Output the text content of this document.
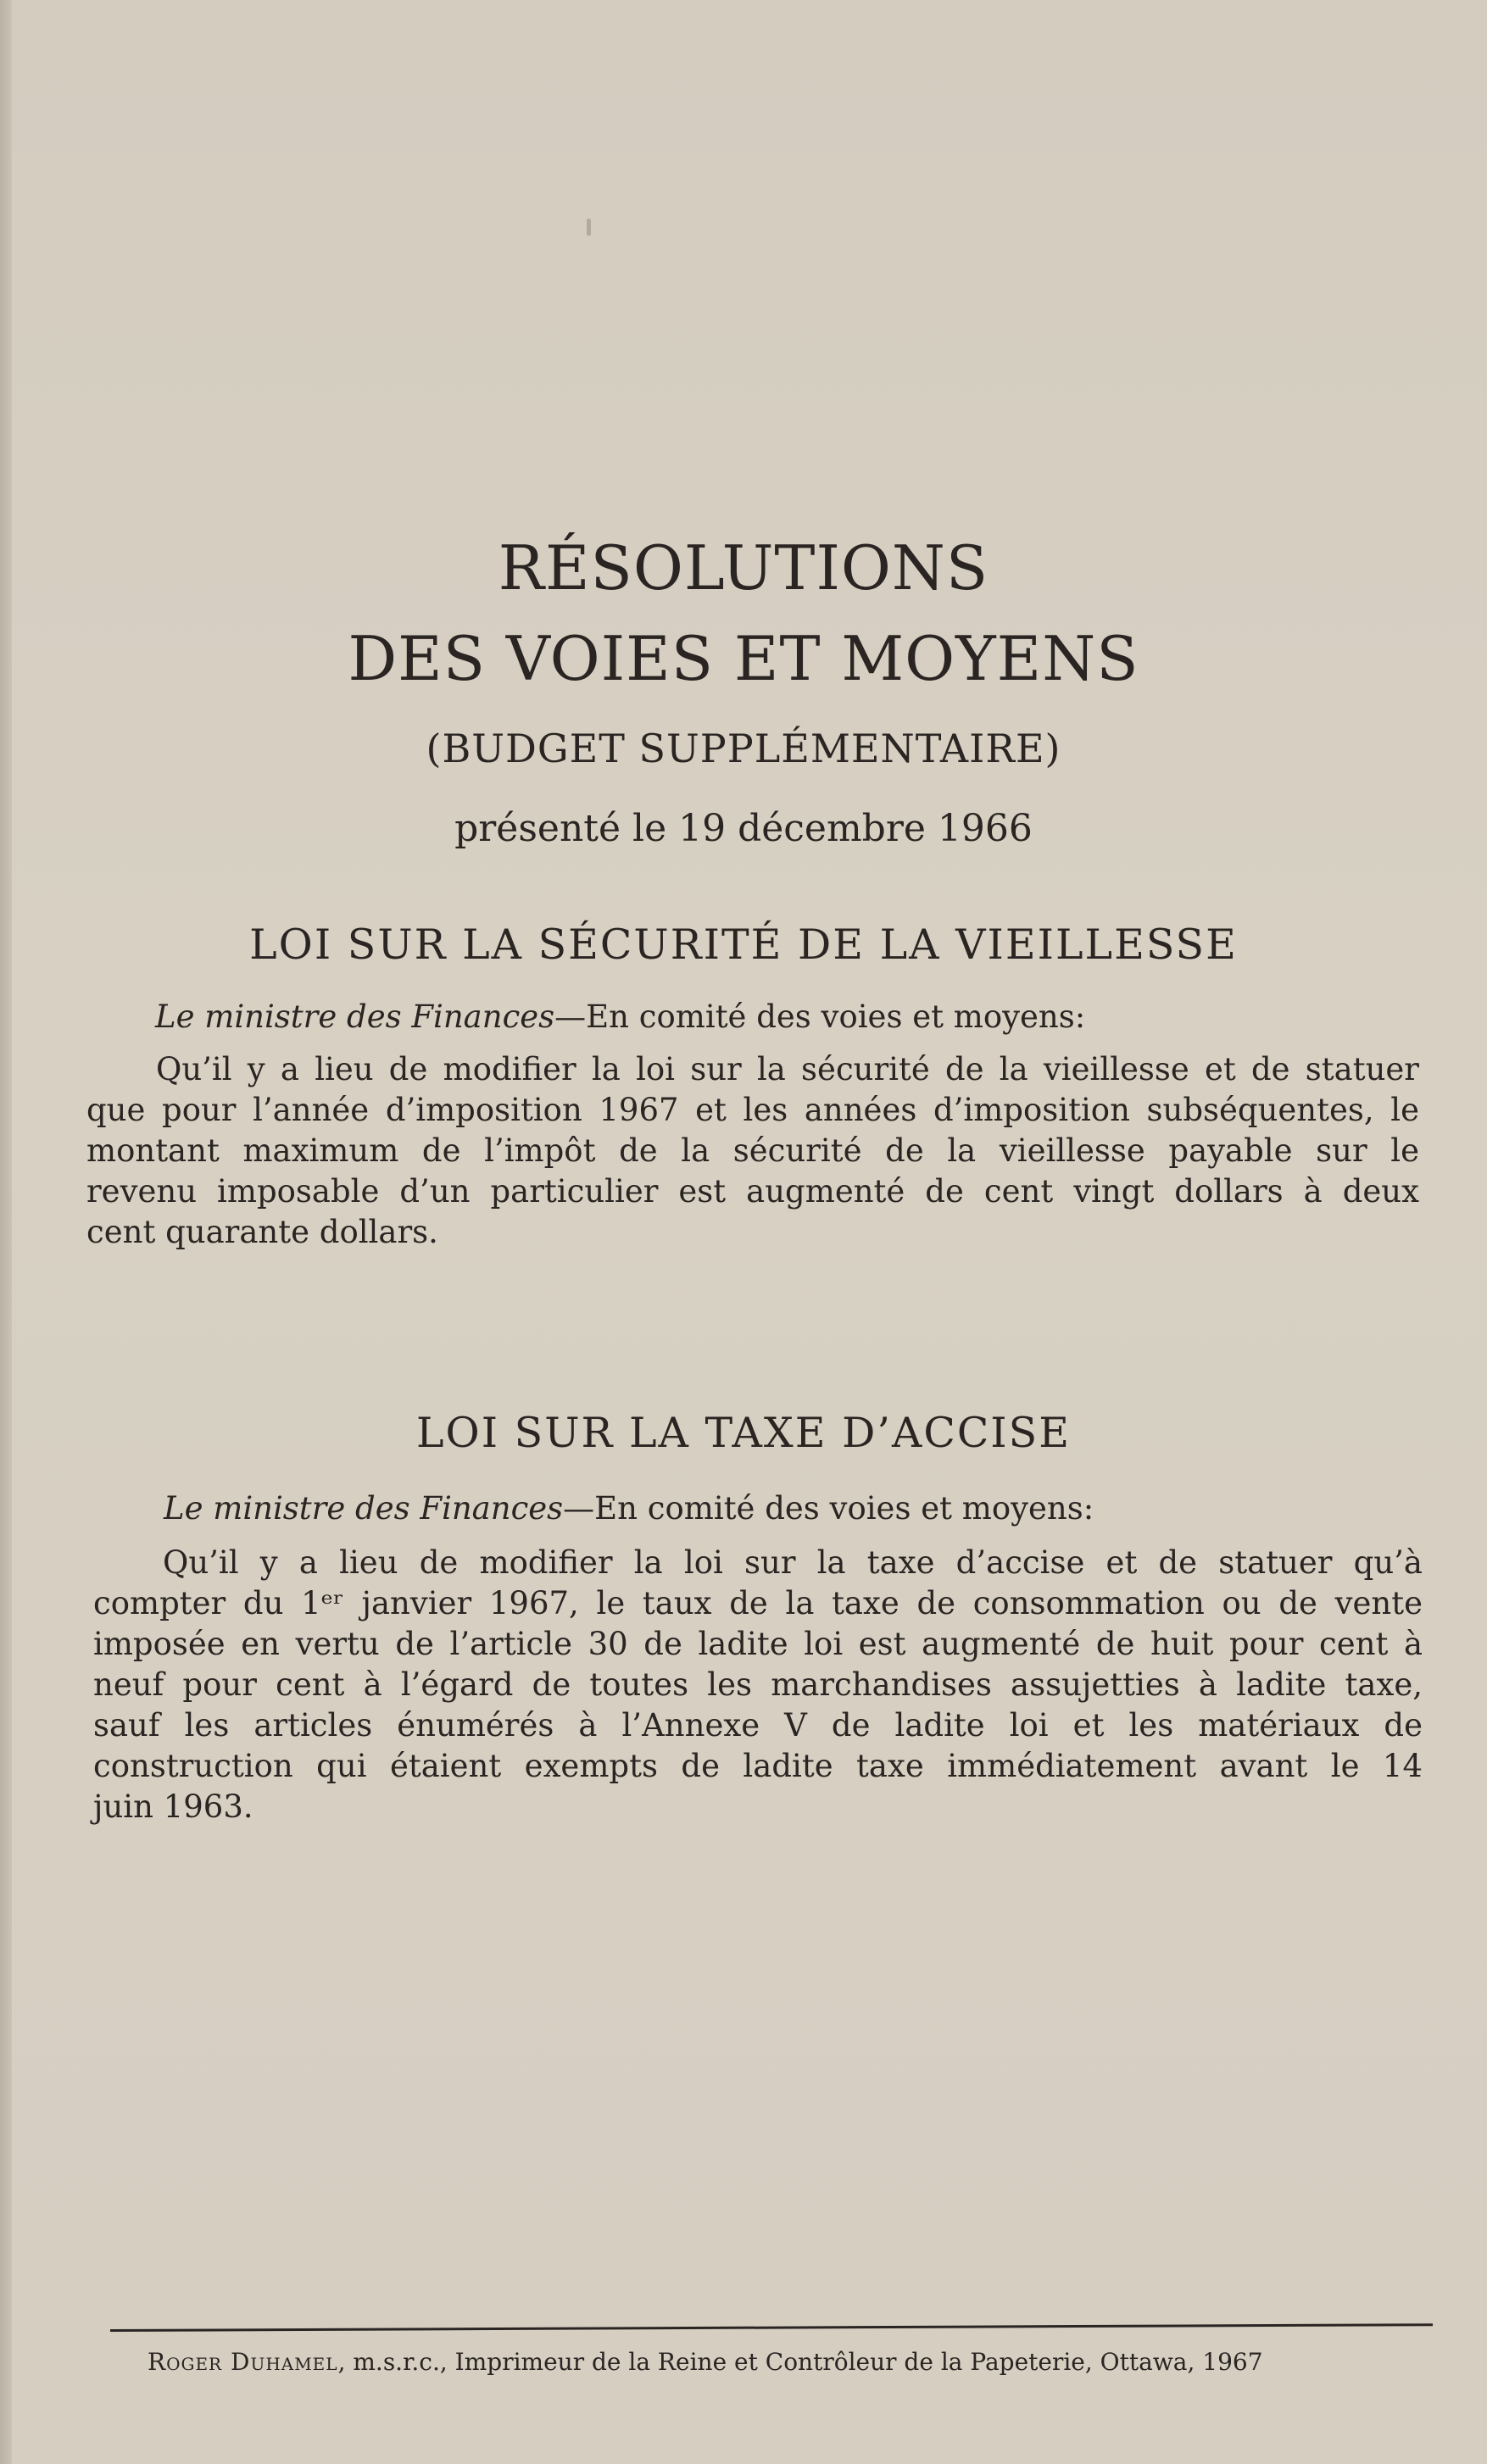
RÉSOLUTIONS
DES VOIES ET MOYENS
(BUDGET SUPPLÉMENTAIRE)
présenté le 19 décembre 1966
LOI SUR LA SÉCURITÉ DE LA VIEILLESSE
Le ministre des Finances—En comité des voies et moyens:
Qu’il y a lieu de modifier la loi sur la sécurité de la vieillesse et de statuer
que pour l’année d’imposition 1967 et les années d’imposition subséquentes, le
montant maximum de l’impôt de la sécurité de la vieillesse payable sur le
revenu imposable d’un particulier est augmenté de cent vingt dollars à deux
cent quarante dollars.
LOI SUR LA TAXE D’ACCISE
Le ministre des Finances—En comité des voies et moyens:
Qu’il y a lieu de modifier la loi sur la taxe d’accise et de statuer qu’à
compter du 1ᵉʳ janvier 1967, le taux de la taxe de consommation ou de vente
imposée en vertu de l’article 30 de ladite loi est augmenté de huit pour cent à
neuf pour cent à l’égard de toutes les marchandises assujetties à ladite taxe,
sauf les articles énumérés à l’Annexe V de ladite loi et les matériaux de
construction qui étaient exempts de ladite taxe immédiatement avant le 14
juin 1963.
Roger Duhamel, m.s.r.c., Imprimeur de la Reine et Contrôleur de la Papeterie, Ottawa, 1967
